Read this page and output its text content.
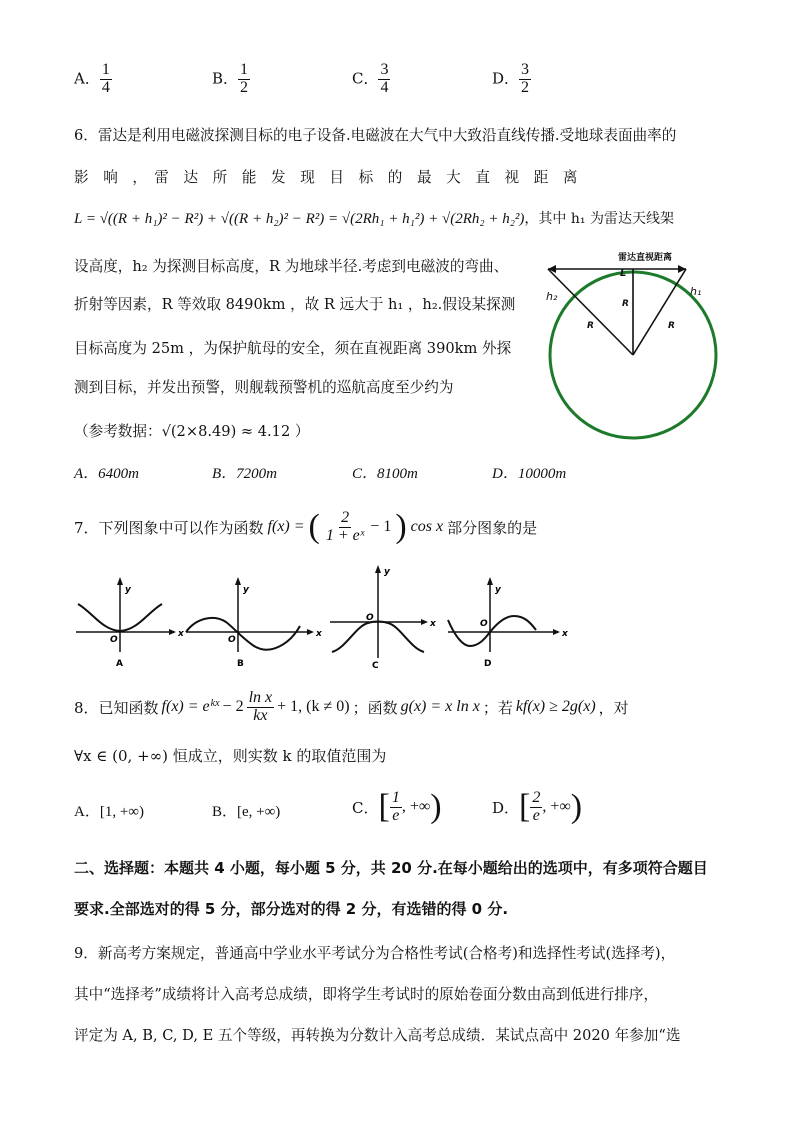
A． $\frac{1}{4}$	B． $\frac{1}{2}$	C． $\frac{3}{4}$	D． $\frac{3}{2}$
6．雷达是利用电磁波探测目标的电子设备.电磁波在大气中大致沿直线传播.受地球表面曲率的
影　响　，　雷　达　所　能　发　现　目　标　的　最　大　直　视　距　离
L = √((R + h₁)² − R²) + √((R + h₂)² − R²) = √(2Rh₁ + h₁²) + √(2Rh₂ + h₂²)，其中 h₁ 为雷达天线架
设高度，h₂ 为探测目标高度，R 为地球半径.考虑到电磁波的弯曲、
折射等因素，R 等效取 8490km ，故 R 远大于 h₁ ，h₂.假设某探测
目标高度为 25m ，为保护航母的安全，须在直视距离 390km 外探
测到目标，并发出预警，则舰载预警机的巡航高度至少约为
（参考数据：√(2×8.49) ≈ 4.12 ）
雷达直视距离
L
h₂	h₁
R
R	R
A．6400m	B．7200m	C．8100m	D．10000m
7．下列图象中可以作为函数 f(x) = ( $\frac{2}{\text{1 + eˣ}} - 1$ ) cos x 部分图象的是
y
x
O
A
y
x
O
B
y
x
O
C
y
x
O
D
8．已知函数 $f(x) = e^{kx} - 2 \frac{\text{ln x}}{kx} + 1$, (k ≠ 0) ；函数 g(x) = x ln x ；若 kf(x) ≥ 2g(x) ，对
∀x ∈ (0, +∞) 恒成立，则实数 k 的取值范围为
A．[1, +∞)	B．[e, +∞)	C． [ $\frac{1}{e}$ , +∞ )	D． [ $\frac{2}{e}$ , +∞ )
二、选择题：本题共 4 小题，每小题 5 分，共 20 分.在每小题给出的选项中，有多项符合题目
要求.全部选对的得 5 分，部分选对的得 2 分，有选错的得 0 分.
9．新高考方案规定，普通高中学业水平考试分为合格性考试(合格考)和选择性考试(选择考)，
其中“选择考”成绩将计入高考总成绩，即将学生考试时的原始卷面分数由高到低进行排序，
评定为 A, B, C, D, E 五个等级，再转换为分数计入高考总成绩．某试点高中 2020 年参加“选
